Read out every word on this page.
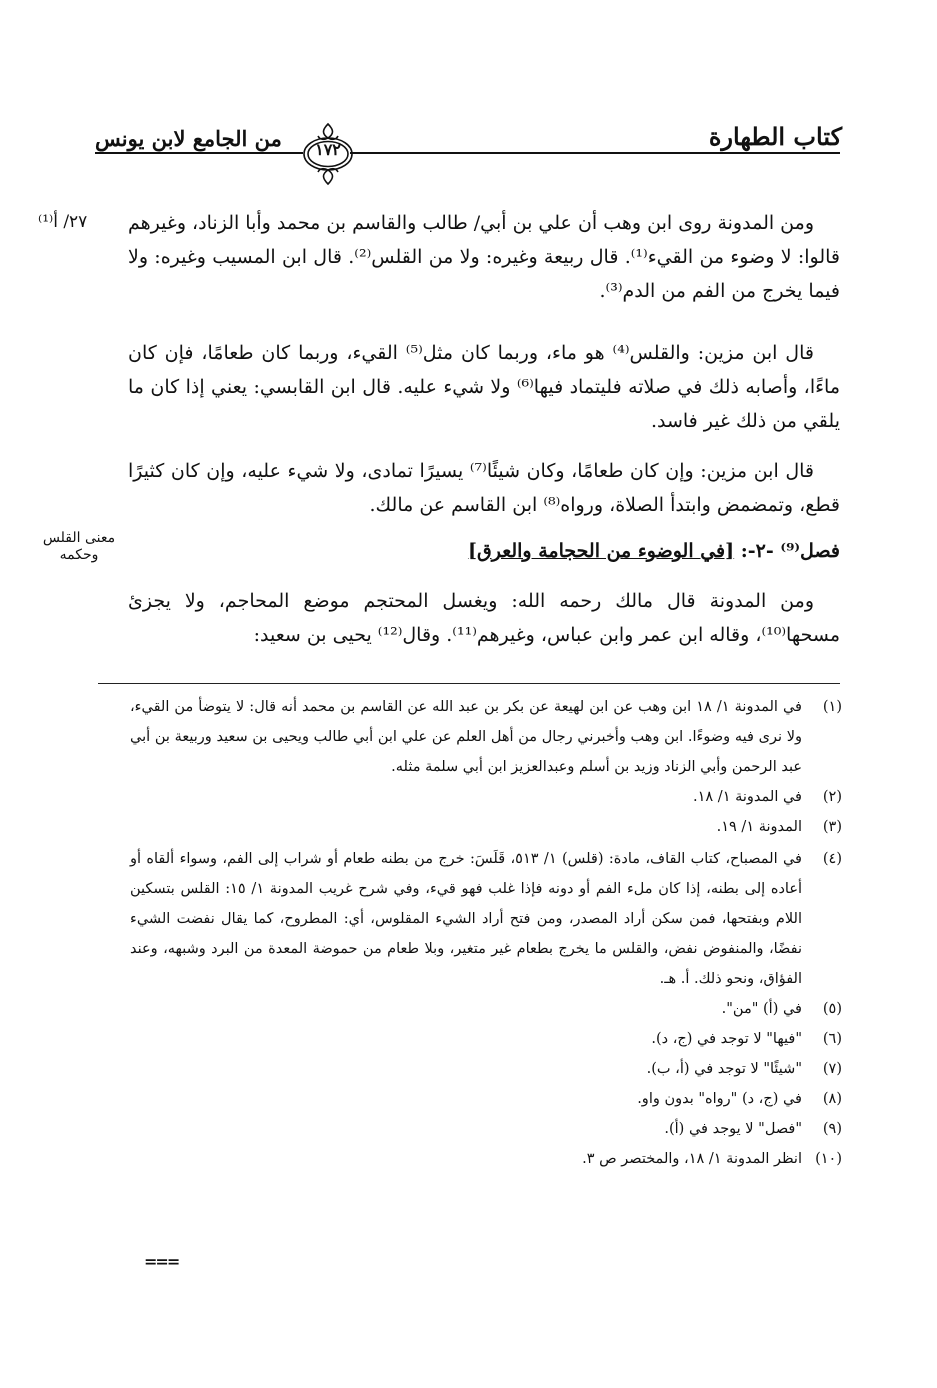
من الجامع لابن يونس	كتاب الطهارة
١٧٢
٢٧/ أ⁽¹⁾
معنى القلس وحكمه
ومن المدونة روى ابن وهب أن علي بن أبي/ طالب والقاسم بن محمد وأبا الزناد، وغيرهم قالوا: لا وضوء من القيء⁽¹⁾. قال ربيعة وغيره: ولا من القلس⁽²⁾. قال ابن المسيب وغيره: ولا فيما يخرج من الفم من الدم⁽³⁾.
قال ابن مزين: والقلس⁽⁴⁾ هو ماء، وربما كان مثل⁽⁵⁾ القيء، وربما كان طعامًا، فإن كان ماءًا، وأصابه ذلك في صلاته فليتماد فيها⁽⁶⁾ ولا شيء عليه. قال ابن القابسي: يعني إذا كان ما يلقي من ذلك غير فاسد.
قال ابن مزين: وإن كان طعامًا، وكان شيئًا⁽⁷⁾ يسيرًا تمادى، ولا شيء عليه، وإن كان كثيرًا قطع، وتمضمض وابتدأ الصلاة، ورواه⁽⁸⁾ ابن القاسم عن مالك.
فصل⁽⁹⁾ -٢-: [في الوضوء من الحجامة والعرق]
ومن المدونة قال مالك رحمه الله: ويغسل المحتجم موضع المحاجم، ولا يجزئ مسحها⁽¹⁰⁾، وقاله ابن عمر وابن عباس، وغيرهم⁽¹¹⁾. وقال⁽¹²⁾ يحيى بن سعيد:
(١)
في المدونة ١/ ١٨ ابن وهب عن ابن لهيعة عن بكر بن عبد الله عن القاسم بن محمد أنه قال: لا يتوضأ من القيء، ولا نرى فيه وضوءًا. ابن وهب وأخبرني رجال من أهل العلم عن علي ابن أبي طالب ويحيى بن سعيد وربيعة بن أبي عبد الرحمن وأبي الزناد وزيد بن أسلم وعبدالعزيز ابن أبي سلمة مثله.
(٢)
في المدونة ١/ ١٨.
(٣)
المدونة ١/ ١٩.
(٤)
في المصباح، كتاب القاف، مادة: (قلس) ١/ ٥١٣، قَلَسَ: خرج من بطنه طعام أو شراب إلى الفم، وسواء ألقاه أو أعاده إلى بطنه، إذا كان ملء الفم أو دونه فإذا غلب فهو قيء، وفي شرح غريب المدونة ١/ ١٥: القلس بتسكين اللام وبفتحها، فمن سكن أراد المصدر، ومن فتح أراد الشيء المقلوس، أي: المطروح، كما يقال نفضت الشيء نفضًا، والمنفوض نفض، والقلس ما يخرج بطعام غير متغير، وبلا طعام من حموضة المعدة من البرد وشبهه، وعند الفؤاق، ونحو ذلك. أ. هـ.
(٥)
في (أ) "من".
(٦)
"فيها" لا توجد في (ج، د).
(٧)
"شيئًا" لا توجد في (أ، ب).
(٨)
في (ج، د) "رواه" بدون واو.
(٩)
"فصل" لا يوجد في (أ).
(١٠)
انظر المدونة ١/ ١٨، والمختصر ص ٣.
===
